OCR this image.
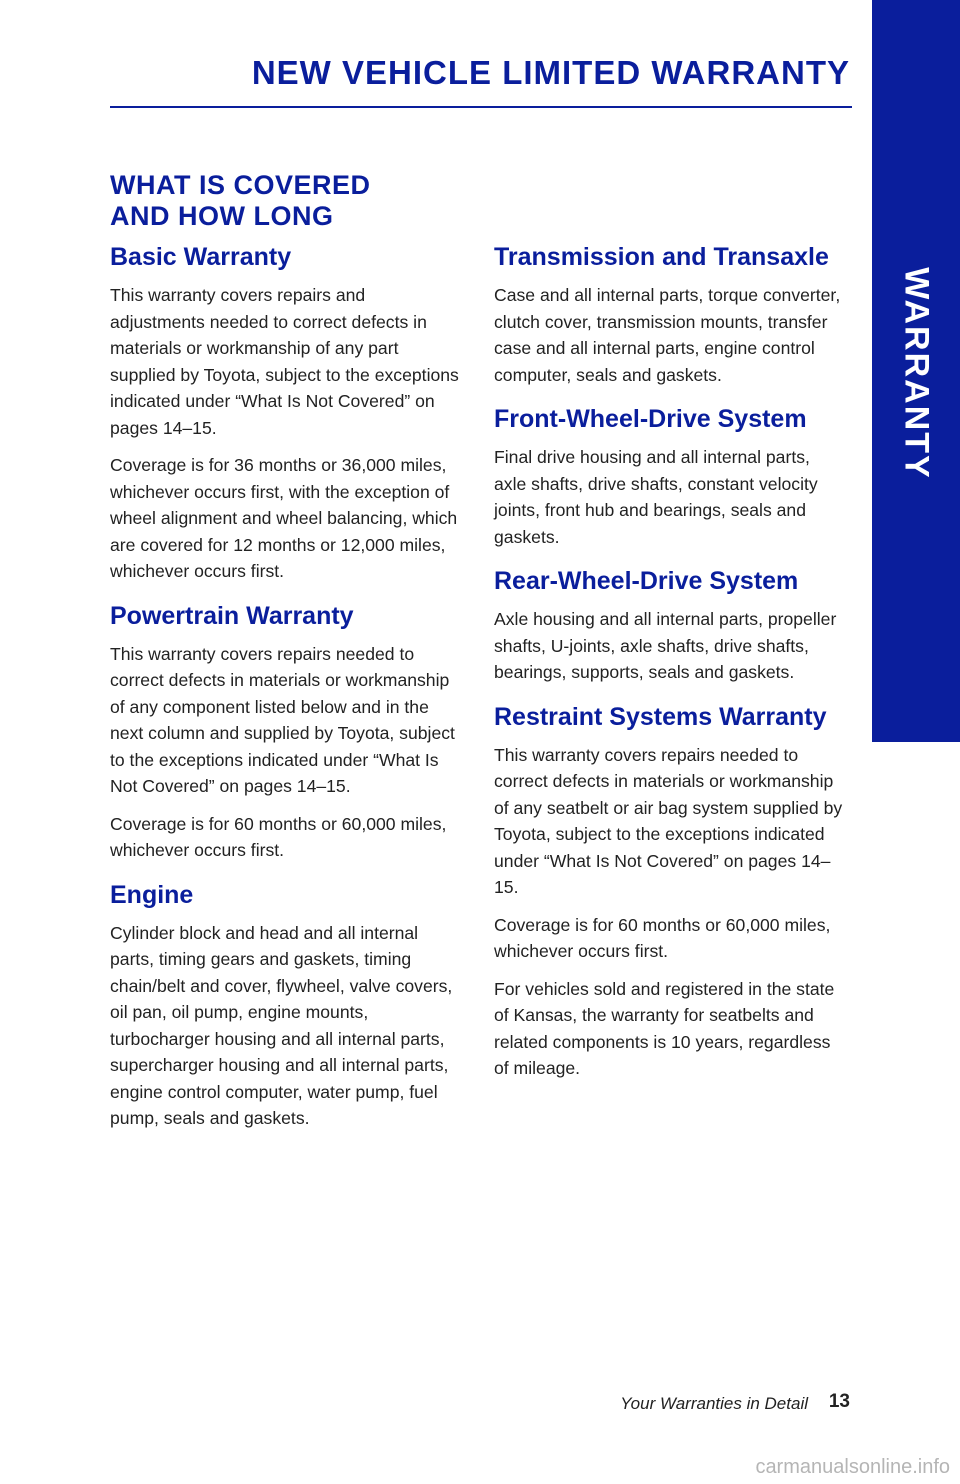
WARRANTY
NEW VEHICLE LIMITED WARRANTY
WHAT IS COVERED
AND HOW LONG
Basic Warranty

This warranty covers repairs and adjustments needed to correct defects in materials or workmanship of any part supplied by Toyota, subject to the exceptions indicated under “What Is Not Covered” on pages 14–15.

Coverage is for 36 months or 36,000 miles, whichever occurs first, with the exception of wheel alignment and wheel balancing, which are covered for 12 months or 12,000 miles, whichever occurs first.

Powertrain Warranty

This warranty covers repairs needed to correct defects in materials or workmanship of any component listed below and in the next column and supplied by Toyota, subject to the exceptions indicated under “What Is Not Covered” on pages 14–15.

Coverage is for 60 months or 60,000 miles, whichever occurs first.

Engine

Cylinder block and head and all internal parts, timing gears and gaskets, timing chain/belt and cover, flywheel, valve covers, oil pan, oil pump, engine mounts, turbocharger housing and all internal parts, supercharger housing and all internal parts, engine control computer, water pump, fuel pump, seals and gaskets.

Transmission and Transaxle

Case and all internal parts, torque converter, clutch cover, transmission mounts, transfer case and all internal parts, engine control computer, seals and gaskets.

Front-Wheel-Drive System

Final drive housing and all internal parts, axle shafts, drive shafts, constant velocity joints, front hub and bearings, seals and gaskets.

Rear-Wheel-Drive System

Axle housing and all internal parts, propeller shafts, U-joints, axle shafts, drive shafts, bearings, supports, seals and gaskets.

Restraint Systems Warranty

This warranty covers repairs needed to correct defects in materials or workmanship of any seatbelt or air bag system supplied by Toyota, subject to the exceptions indicated under “What Is Not Covered” on pages 14–15.

Coverage is for 60 months or 60,000 miles, whichever occurs first.

For vehicles sold and registered in the state of Kansas, the warranty for seatbelts and related components is 10 years, regardless of mileage.

Your Warranties in Detail 13

carmanualsonline.info
